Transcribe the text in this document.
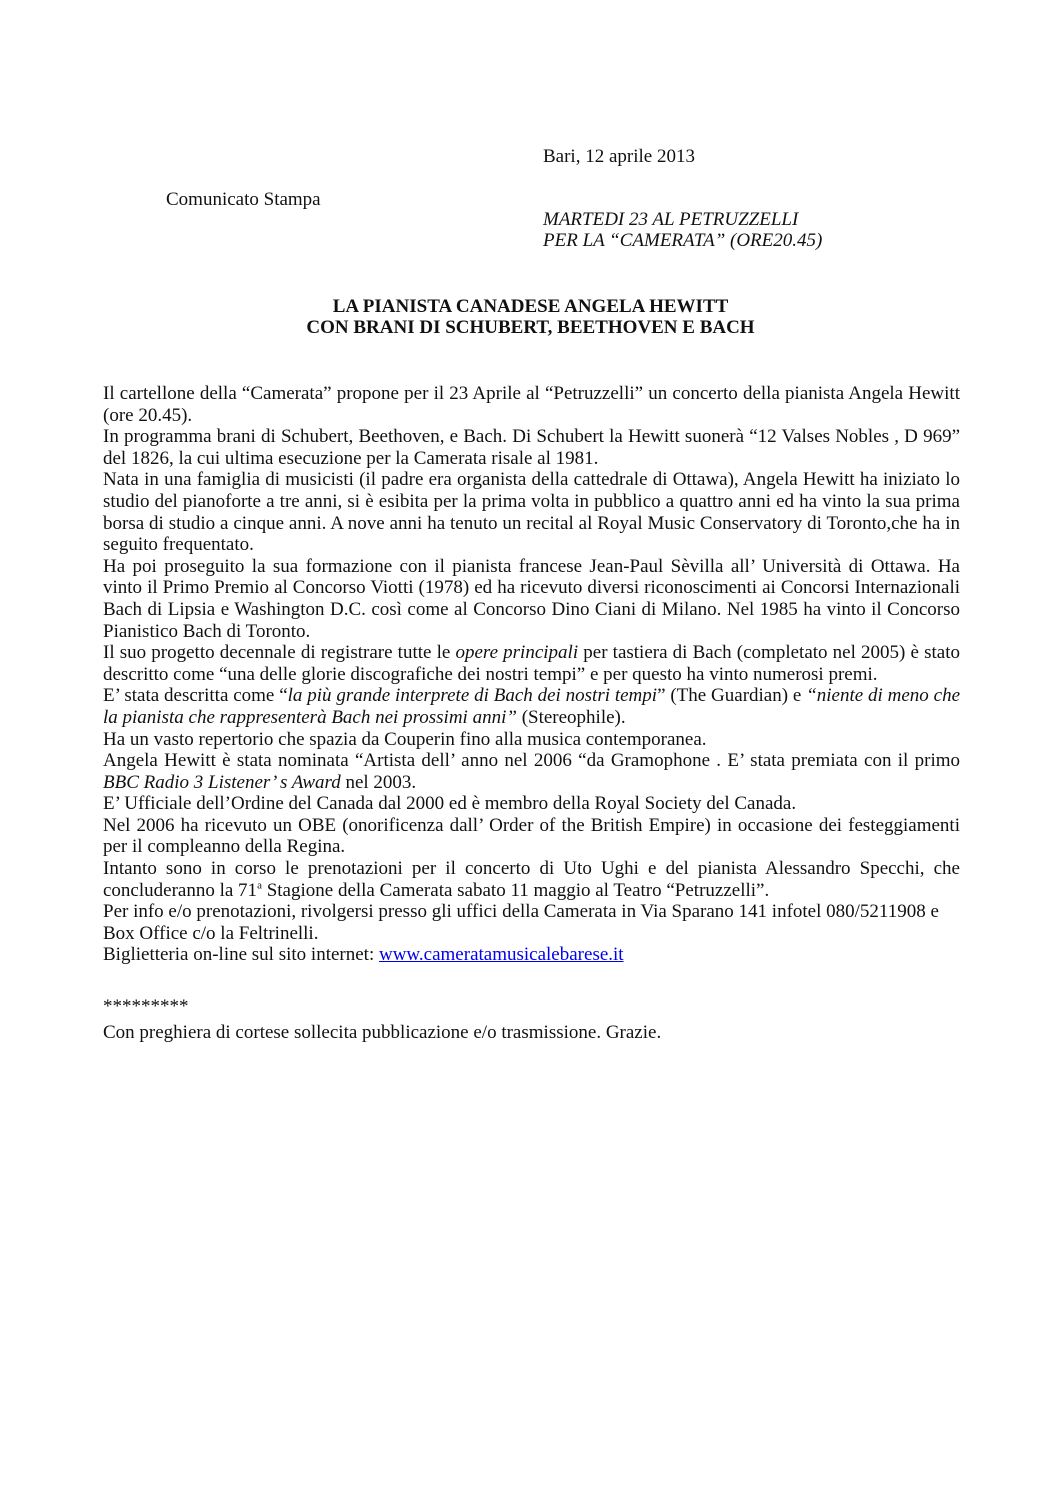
Bari, 12 aprile 2013
Comunicato Stampa
MARTEDI 23 AL PETRUZZELLI
PER LA “CAMERATA” (ORE20.45)
LA PIANISTA CANADESE ANGELA HEWITT
CON BRANI DI SCHUBERT, BEETHOVEN E BACH

Il cartellone della “Camerata” propone per il 23 Aprile al “Petruzzelli” un concerto della pianista Angela Hewitt (ore 20.45).

In programma brani di Schubert, Beethoven, e Bach. Di Schubert la Hewitt suonerà “12 Valses Nobles , D 969” del 1826, la cui ultima esecuzione per la Camerata risale al 1981.

Nata in una famiglia di musicisti (il padre era organista della cattedrale di Ottawa), Angela Hewitt ha iniziato lo studio del pianoforte a tre anni, si è esibita per la prima volta in pubblico a quattro anni ed ha vinto la sua prima borsa di studio a cinque anni. A nove anni ha tenuto un recital al Royal Music Conservatory di Toronto,che ha in seguito frequentato.

Ha poi proseguito la sua formazione con il pianista francese Jean-Paul Sèvilla all’ Università di Ottawa. Ha vinto il Primo Premio al Concorso Viotti (1978) ed ha ricevuto diversi riconoscimenti ai Concorsi Internazionali Bach di Lipsia e Washington D.C. così come al Concorso Dino Ciani di Milano. Nel 1985 ha vinto il Concorso Pianistico Bach di Toronto.

Il suo progetto decennale di registrare tutte le opere principali per tastiera di Bach (completato nel 2005) è stato descritto come “una delle glorie discografiche dei nostri tempi” e per questo ha vinto numerosi premi.

E’ stata descritta come “la più grande interprete di Bach dei nostri tempi” (The Guardian) e “niente di meno che la pianista che rappresenterà Bach nei prossimi anni” (Stereophile).

Ha un vasto repertorio che spazia da Couperin fino alla musica contemporanea.

Angela Hewitt è stata nominata “Artista dell’ anno nel 2006 “da Gramophone . E’ stata premiata con il primo BBC Radio 3 Listener’ s Award nel 2003.

E’ Ufficiale dell’Ordine del Canada dal 2000 ed è membro della Royal Society del Canada.

Nel 2006 ha ricevuto un OBE (onorificenza dall’ Order of the British Empire) in occasione dei festeggiamenti per il compleanno della Regina.

Intanto sono in corso le prenotazioni per il concerto di Uto Ughi e del pianista Alessandro Specchi, che concluderanno la 71$^a$ Stagione della Camerata sabato 11 maggio al Teatro “Petruzzelli”.

Per info e/o prenotazioni, rivolgersi presso gli uffici della Camerata in Via Sparano 141 infotel 080/5211908 e Box Office c/o la Feltrinelli.

Biglietteria on-line sul sito internet: www.cameratamusicalebarese.it

*********
Con preghiera di cortese sollecita pubblicazione e/o trasmissione. Grazie.
